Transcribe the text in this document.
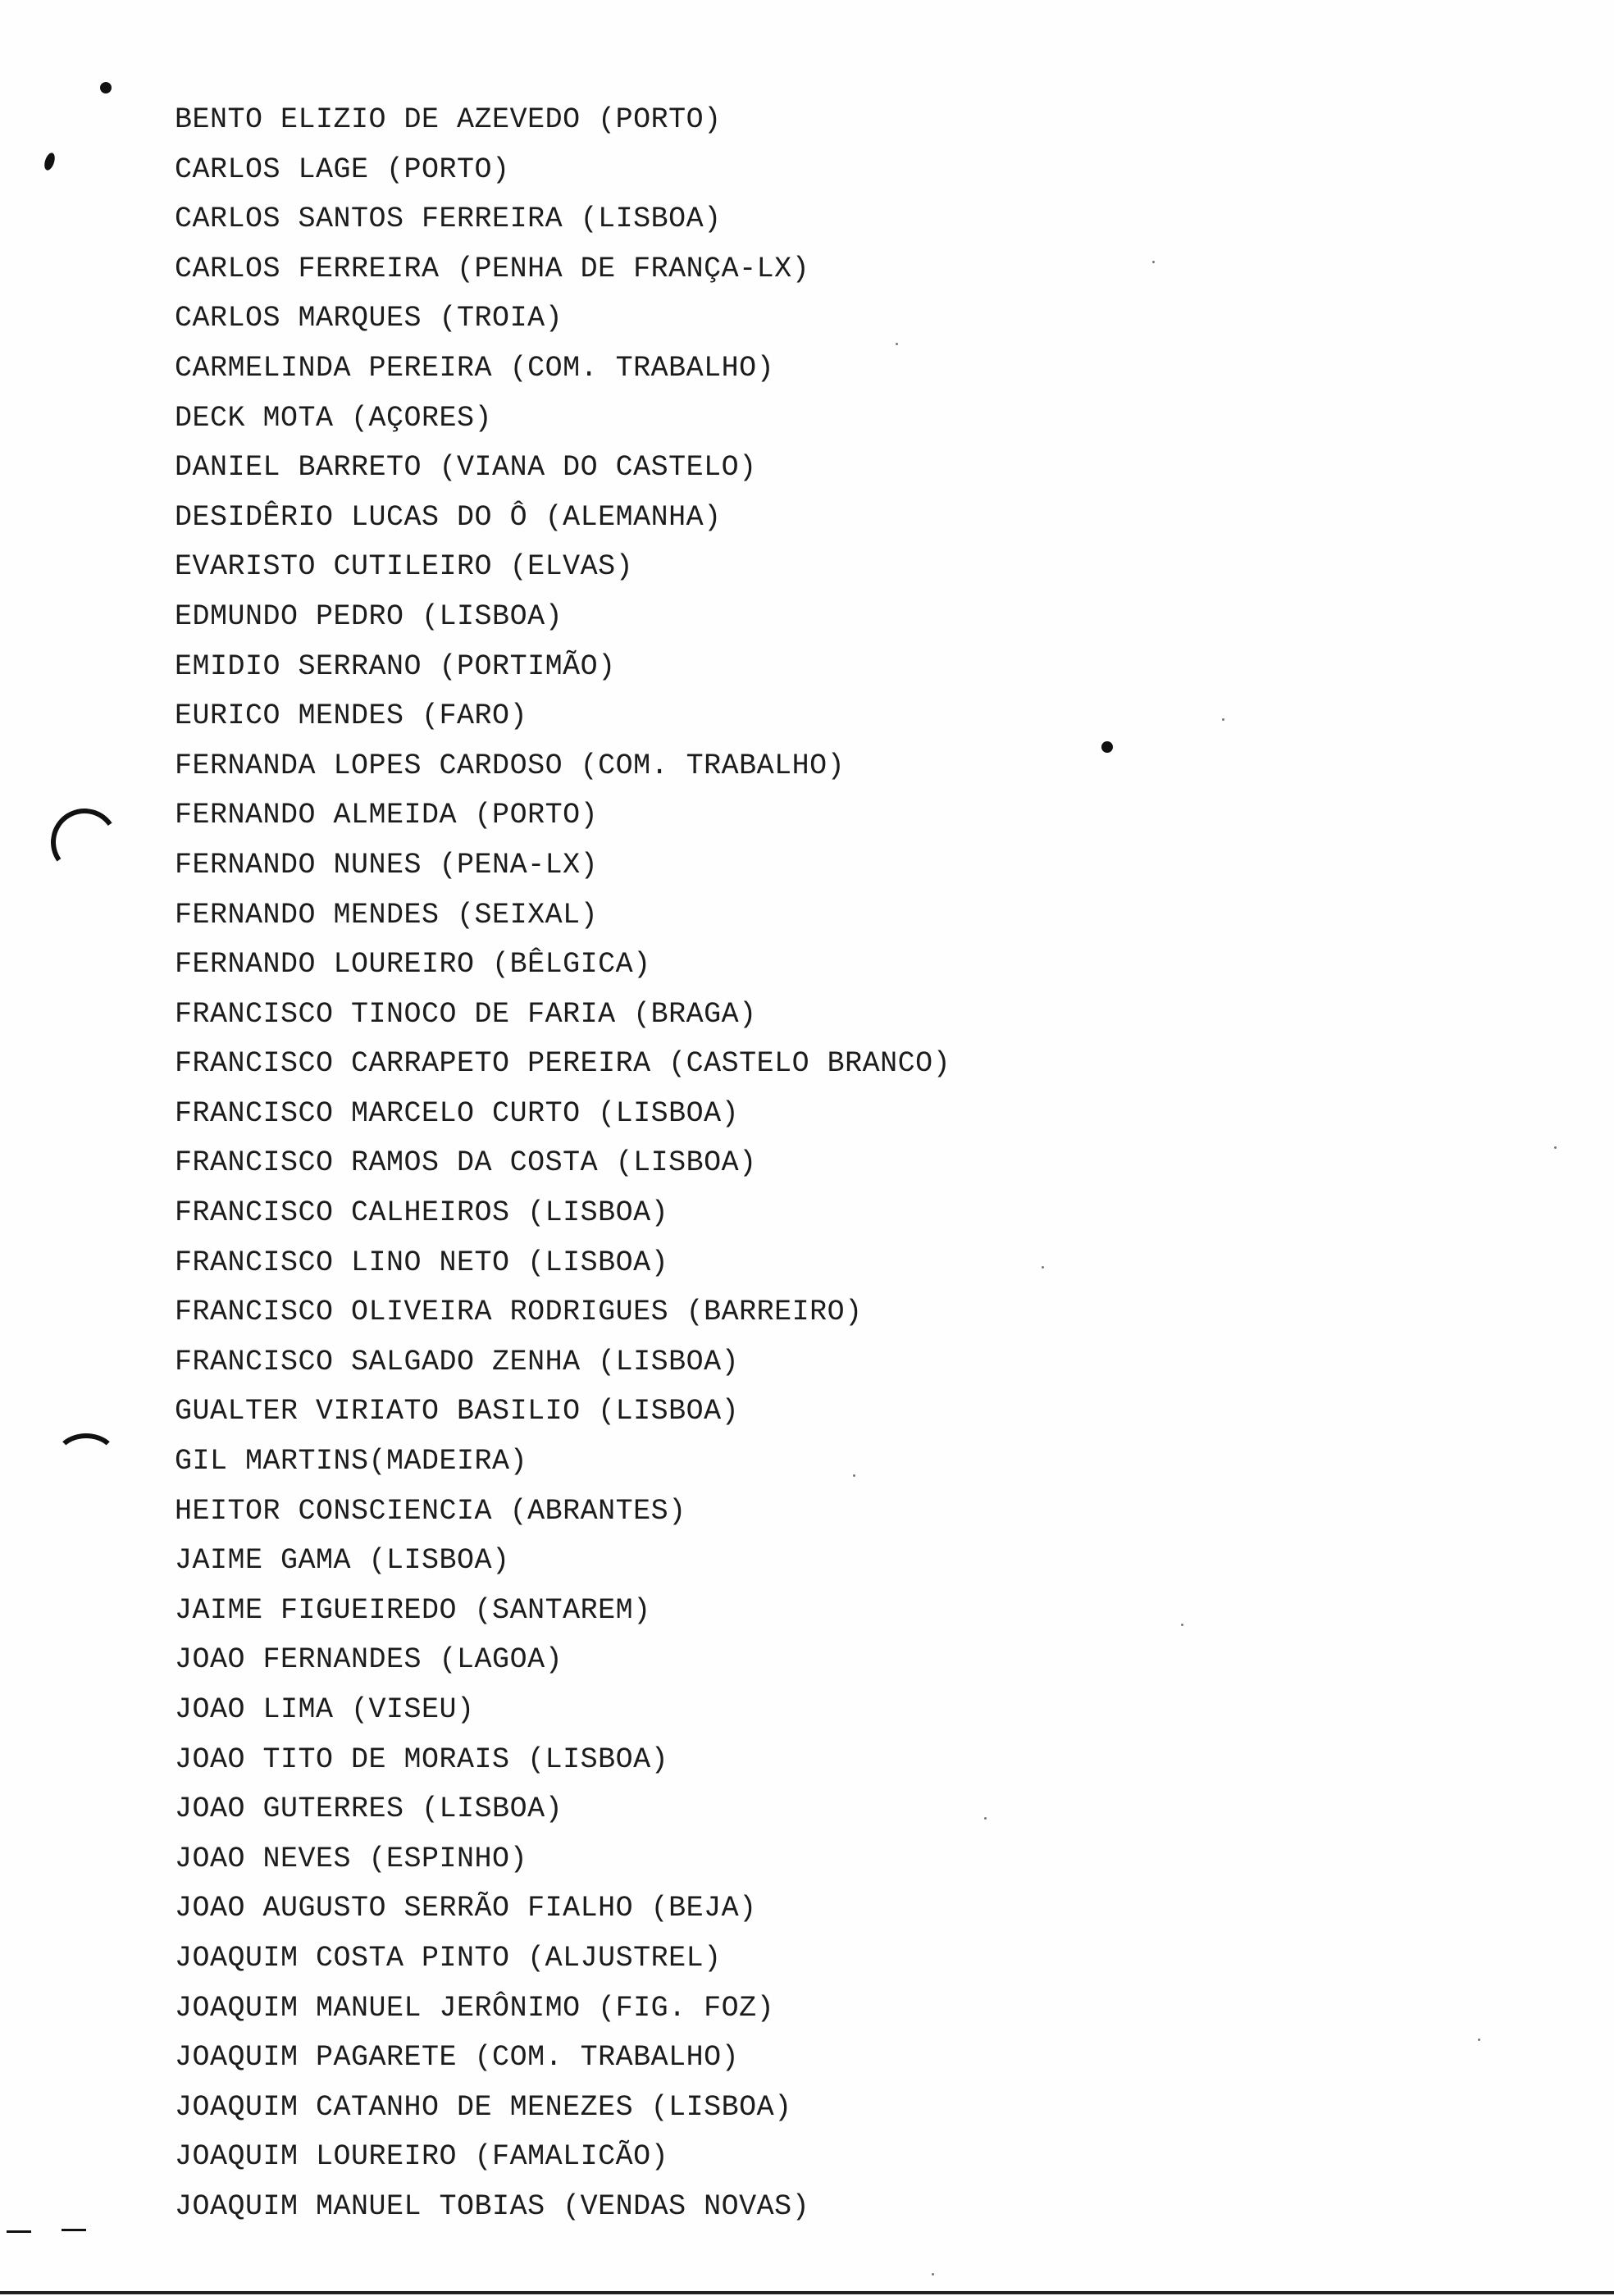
BENTO ELIZIO DE AZEVEDO (PORTO)
CARLOS LAGE (PORTO)
CARLOS SANTOS FERREIRA (LISBOA)
CARLOS FERREIRA (PENHA DE FRANÇA-LX)
CARLOS MARQUES (TROIA)
CARMELINDA PEREIRA (COM. TRABALHO)
DECK MOTA (AÇORES)
DANIEL BARRETO (VIANA DO CASTELO)
DESIDÊRIO LUCAS DO Ô (ALEMANHA)
EVARISTO CUTILEIRO (ELVAS)
EDMUNDO PEDRO (LISBOA)
EMIDIO SERRANO (PORTIMÃO)
EURICO MENDES (FARO)
FERNANDA LOPES CARDOSO (COM. TRABALHO)
FERNANDO ALMEIDA (PORTO)
FERNANDO NUNES (PENA-LX)
FERNANDO MENDES (SEIXAL)
FERNANDO LOUREIRO (BÊLGICA)
FRANCISCO TINOCO DE FARIA (BRAGA)
FRANCISCO CARRAPETO PEREIRA (CASTELO BRANCO)
FRANCISCO MARCELO CURTO (LISBOA)
FRANCISCO RAMOS DA COSTA (LISBOA)
FRANCISCO CALHEIROS (LISBOA)
FRANCISCO LINO NETO (LISBOA)
FRANCISCO OLIVEIRA RODRIGUES (BARREIRO)
FRANCISCO SALGADO ZENHA (LISBOA)
GUALTER VIRIATO BASILIO (LISBOA)
GIL MARTINS(MADEIRA)
HEITOR CONSCIENCIA (ABRANTES)
JAIME GAMA (LISBOA)
JAIME FIGUEIREDO (SANTAREM)
JOAO FERNANDES (LAGOA)
JOAO LIMA (VISEU)
JOAO TITO DE MORAIS (LISBOA)
JOAO GUTERRES (LISBOA)
JOAO NEVES (ESPINHO)
JOAO AUGUSTO SERRÃO FIALHO (BEJA)
JOAQUIM COSTA PINTO (ALJUSTREL)
JOAQUIM MANUEL JERÔNIMO (FIG. FOZ)
JOAQUIM PAGARETE (COM. TRABALHO)
JOAQUIM CATANHO DE MENEZES (LISBOA)
JOAQUIM LOUREIRO (FAMALICÃO)
JOAQUIM MANUEL TOBIAS (VENDAS NOVAS)
